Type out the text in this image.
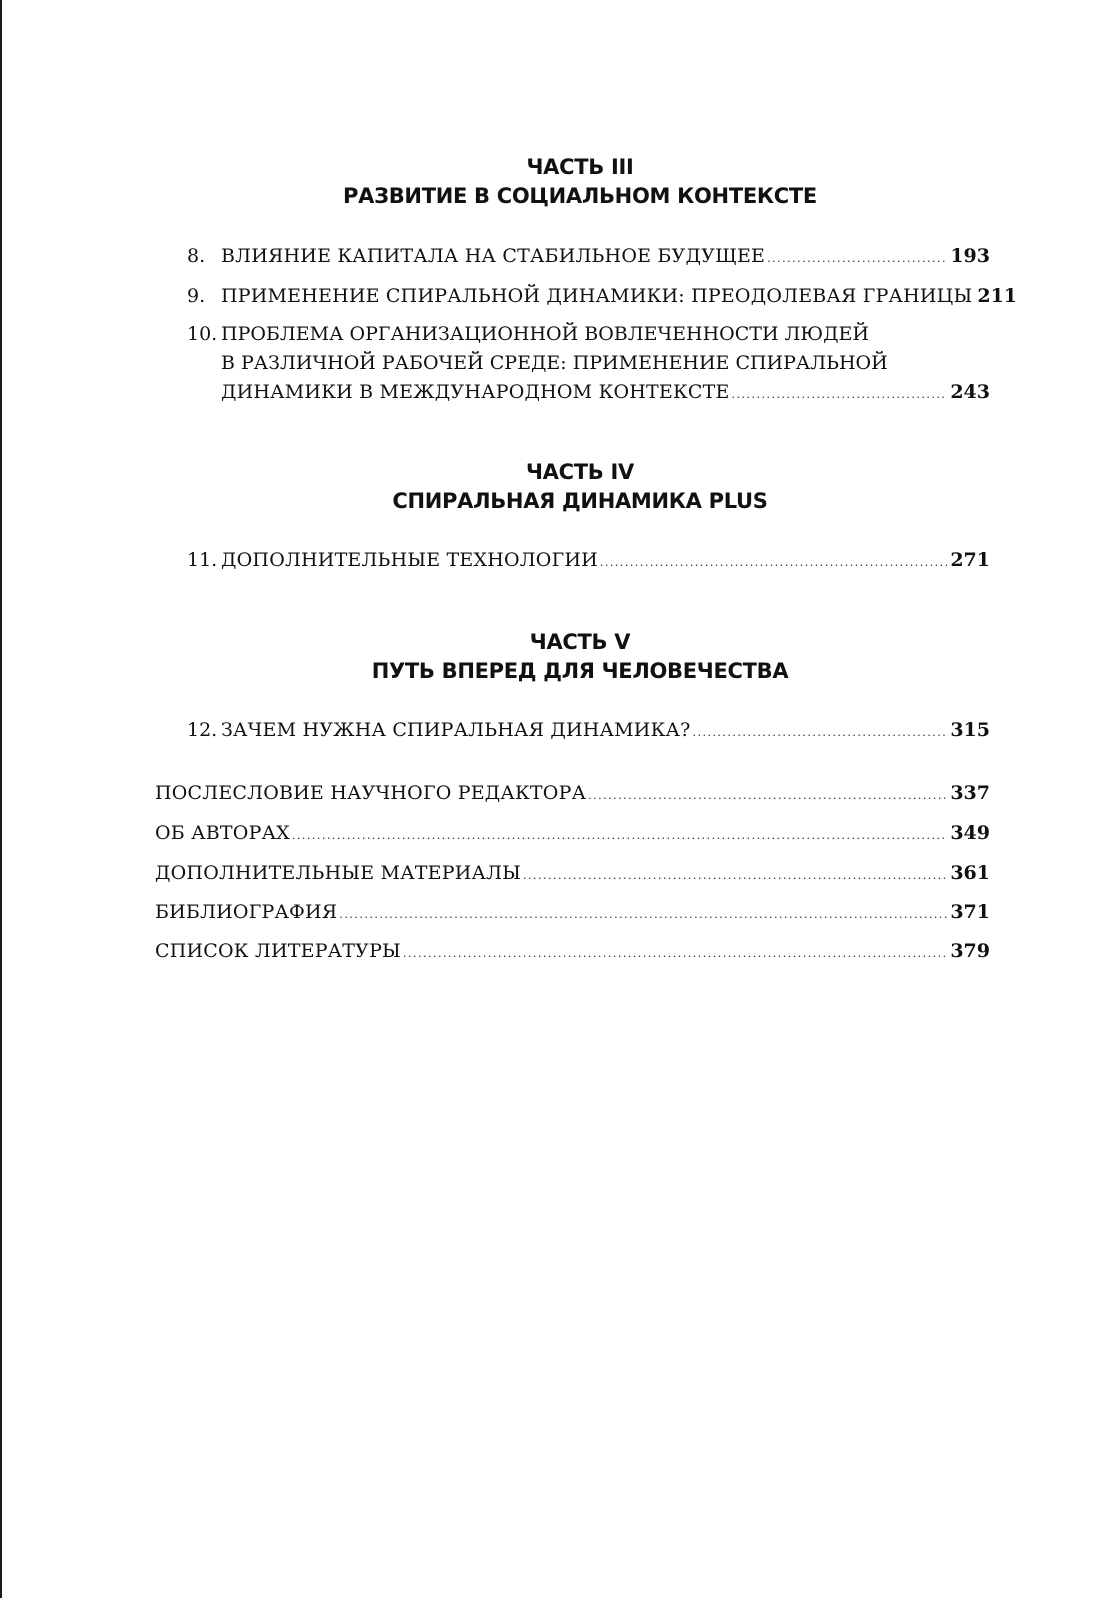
ЧАСТЬ III
РАЗВИТИЕ В СОЦИАЛЬНОМ КОНТЕКСТЕ
8. ВЛИЯНИЕ КАПИТАЛА НА СТАБИЛЬНОЕ БУДУЩЕЕ .....	193
9. ПРИМЕНЕНИЕ СПИРАЛЬНОЙ ДИНАМИКИ: ПРЕОДОЛЕВАЯ ГРАНИЦЫ 211
10. ПРОБЛЕМА ОРГАНИЗАЦИОННОЙ ВОВЛЕЧЕННОСТИ ЛЮДЕЙ
В РАЗЛИЧНОЙ РАБОЧЕЙ СРЕДЕ: ПРИМЕНЕНИЕ СПИРАЛЬНОЙ
ДИНАМИКИ В МЕЖДУНАРОДНОМ КОНТЕКСТЕ .....	243
ЧАСТЬ IV
СПИРАЛЬНАЯ ДИНАМИКА PLUS
11. ДОПОЛНИТЕЛЬНЫЕ ТЕХНОЛОГИИ .....	271
ЧАСТЬ V
ПУТЬ ВПЕРЕД ДЛЯ ЧЕЛОВЕЧЕСТВА
12. ЗАЧЕМ НУЖНА СПИРАЛЬНАЯ ДИНАМИКА? .....	315
ПОСЛЕСЛОВИЕ НАУЧНОГО РЕДАКТОРА .....	337
ОБ АВТОРАХ .....	349
ДОПОЛНИТЕЛЬНЫЕ МАТЕРИАЛЫ .....	361
БИБЛИОГРАФИЯ .....	371
СПИСОК ЛИТЕРАТУРЫ .....	379
